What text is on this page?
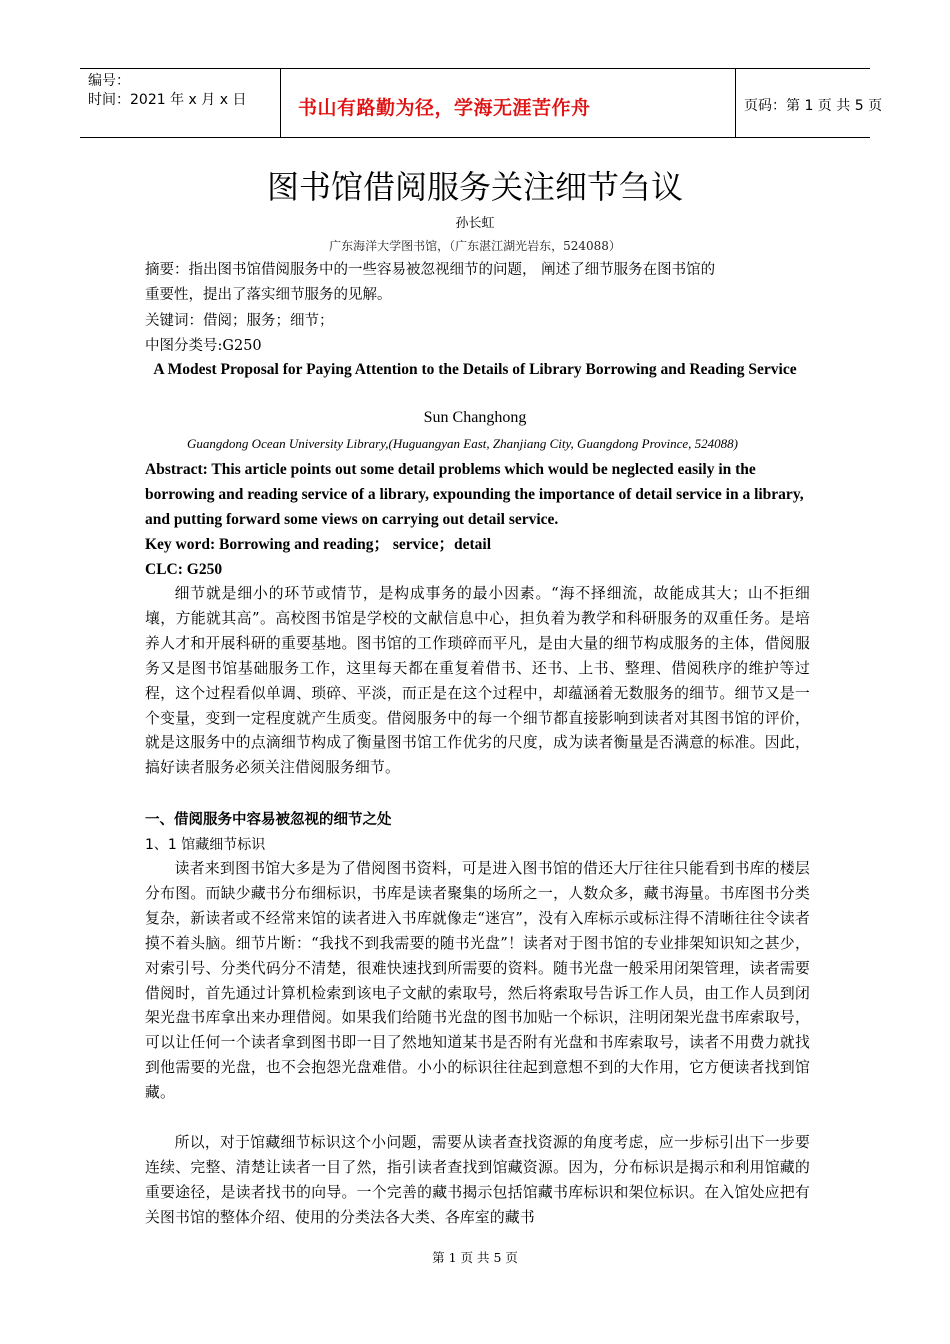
编号：
时间：2021 年 x 月 x 日	书山有路勤为径，学海无涯苦作舟	页码：第 1 页 共 5 页
图书馆借阅服务关注细节刍议
孙长虹
广东海洋大学图书馆，（广东湛江湖光岩东，524088）
摘要：指出图书馆借阅服务中的一些容易被忽视细节的问题， 阐述了细节服务在图书馆的
重要性，提出了落实细节服务的见解。
关键词：借阅；服务；细节；
中图分类号:G250
A Modest Proposal for Paying Attention to the Details of Library Borrowing and Reading Service
Sun Changhong
Guangdong Ocean University Library,(Huguangyan East, Zhanjiang City, Guangdong Province, 524088)
Abstract: This article points out some detail problems which would be neglected easily in the borrowing and reading service of a library, expounding the importance of detail service in a library, and putting forward some views on carrying out detail service.
Key word: Borrowing and reading； service；detail
CLC: G250
细节就是细小的环节或情节，是构成事务的最小因素。“海不择细流，故能成其大；山不拒细壤，方能就其高”。高校图书馆是学校的文献信息中心，担负着为教学和科研服务的双重任务。是培养人才和开展科研的重要基地。图书馆的工作琐碎而平凡，是由大量的细节构成服务的主体，借阅服务又是图书馆基础服务工作，这里每天都在重复着借书、还书、上书、整理、借阅秩序的维护等过程，这个过程看似单调、琐碎、平淡，而正是在这个过程中，却蕴涵着无数服务的细节。细节又是一个变量，变到一定程度就产生质变。借阅服务中的每一个细节都直接影响到读者对其图书馆的评价，就是这服务中的点滴细节构成了衡量图书馆工作优劣的尺度，成为读者衡量是否满意的标准。因此，搞好读者服务必须关注借阅服务细节。
一、借阅服务中容易被忽视的细节之处
1、1 馆藏细节标识
读者来到图书馆大多是为了借阅图书资料，可是进入图书馆的借还大厅往往只能看到书库的楼层分布图。而缺少藏书分布细标识，书库是读者聚集的场所之一，人数众多，藏书海量。书库图书分类复杂，新读者或不经常来馆的读者进入书库就像走“迷宫”，没有入库标示或标注得不清晰往往令读者摸不着头脑。细节片断：“我找不到我需要的随书光盘”！读者对于图书馆的专业排架知识知之甚少，对索引号、分类代码分不清楚，很难快速找到所需要的资料。随书光盘一般采用闭架管理，读者需要借阅时，首先通过计算机检索到该电子文献的索取号，然后将索取号告诉工作人员，由工作人员到闭架光盘书库拿出来办理借阅。如果我们给随书光盘的图书加贴一个标识，注明闭架光盘书库索取号，可以让任何一个读者拿到图书即一目了然地知道某书是否附有光盘和书库索取号，读者不用费力就找到他需要的光盘，也不会抱怨光盘难借。小小的标识往往起到意想不到的大作用，它方便读者找到馆藏。
所以，对于馆藏细节标识这个小问题，需要从读者查找资源的角度考虑，应一步标引出下一步要连续、完整、清楚让读者一目了然，指引读者查找到馆藏资源。因为，分布标识是揭示和利用馆藏的重要途径，是读者找书的向导。一个完善的藏书揭示包括馆藏书库标识和架位标识。在入馆处应把有关图书馆的整体介绍、使用的分类法各大类、各库室的藏书
第 1 页 共 5 页
